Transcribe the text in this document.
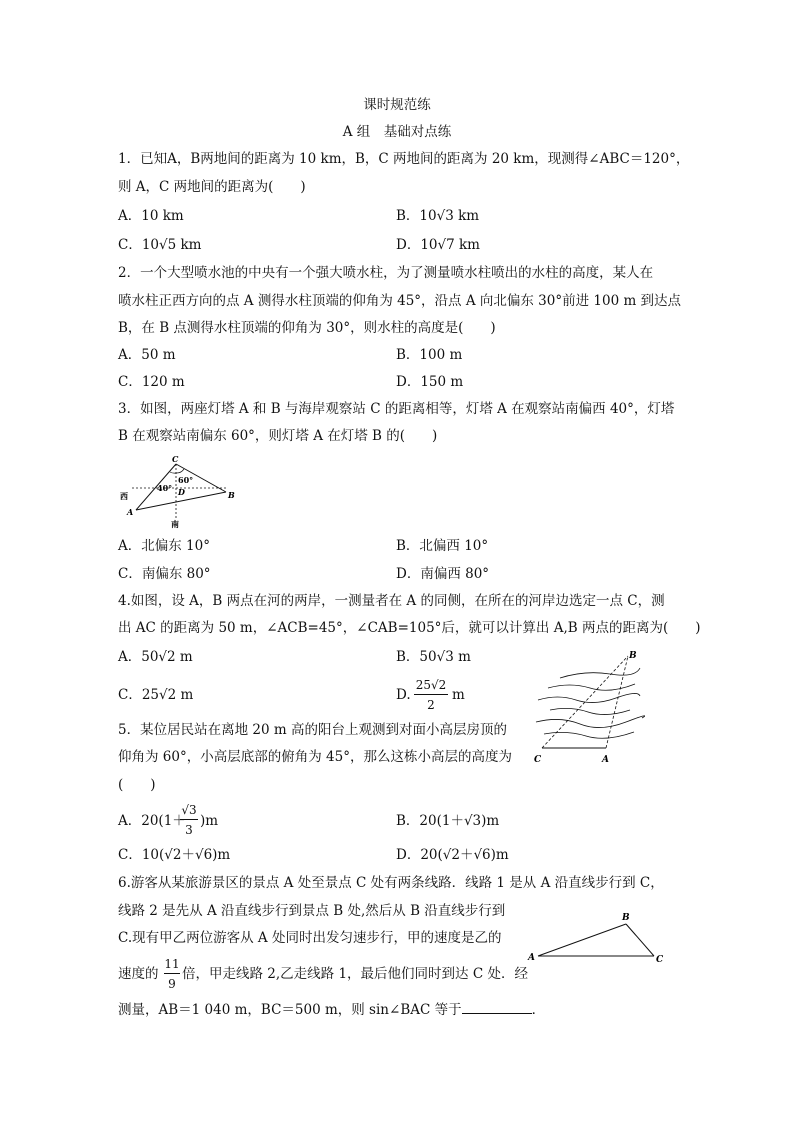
课时规范练
A 组　基础对点练
1．已知A，B两地间的距离为 10 km，B，C 两地间的距离为 20 km，现测得∠ABC＝120°，
则 A，C 两地间的距离为(　　)
A．10 km	B．10√3 km
C．10√5 km	D．10√7 km
2．一个大型喷水池的中央有一个强大喷水柱，为了测量喷水柱喷出的水柱的高度，某人在
喷水柱正西方向的点 A 测得水柱顶端的仰角为 45°，沿点 A 向北偏东 30°前进 100 m 到达点
B，在 B 点测得水柱顶端的仰角为 30°，则水柱的高度是(　　)
A．50 m	B．100 m
C．120 m	D．150 m
3．如图，两座灯塔 A 和 B 与海岸观察站 C 的距离相等，灯塔 A 在观察站南偏西 40°，灯塔
B 在观察站南偏东 60°，则灯塔 A 在灯塔 B 的(　　)
C
60°
40° D
西
A
B
南
A．北偏东 10°	B．北偏西 10°
C．南偏东 80°	D．南偏西 80°
4.如图，设 A，B 两点在河的两岸，一测量者在 A 的同侧，在所在的河岸边选定一点 C，测
出 AC 的距离为 50 m，∠ACB=45°，∠CAB=105°后，就可以计算出 A,B 两点的距离为(　　)
A．50√2 m	B．50√3 m
C．25√2 m	D.
25√2
2
m
B
C	A
5．某位居民站在离地 20 m 高的阳台上观测到对面小高层房顶的
仰角为 60°，小高层底部的俯角为 45°，那么这栋小高层的高度为
(　　)
A．20(1＋
√3
3
)m	B．20(1＋√3)m
C．10(√2＋√6)m	D．20(√2＋√6)m
6.游客从某旅游景区的景点 A 处至景点 C 处有两条线路．线路 1 是从 A 沿直线步行到 C，
线路 2 是先从 A 沿直线步行到景点 B 处,然后从 B 沿直线步行到
C.现有甲乙两位游客从 A 处同时出发匀速步行，甲的速度是乙的
速度的
11
9
倍，甲走线路 2,乙走线路 1，最后他们同时到达 C 处．经
测量，AB＝1 040 m，BC＝500 m，则 sin∠BAC 等于	．
A
B
C
